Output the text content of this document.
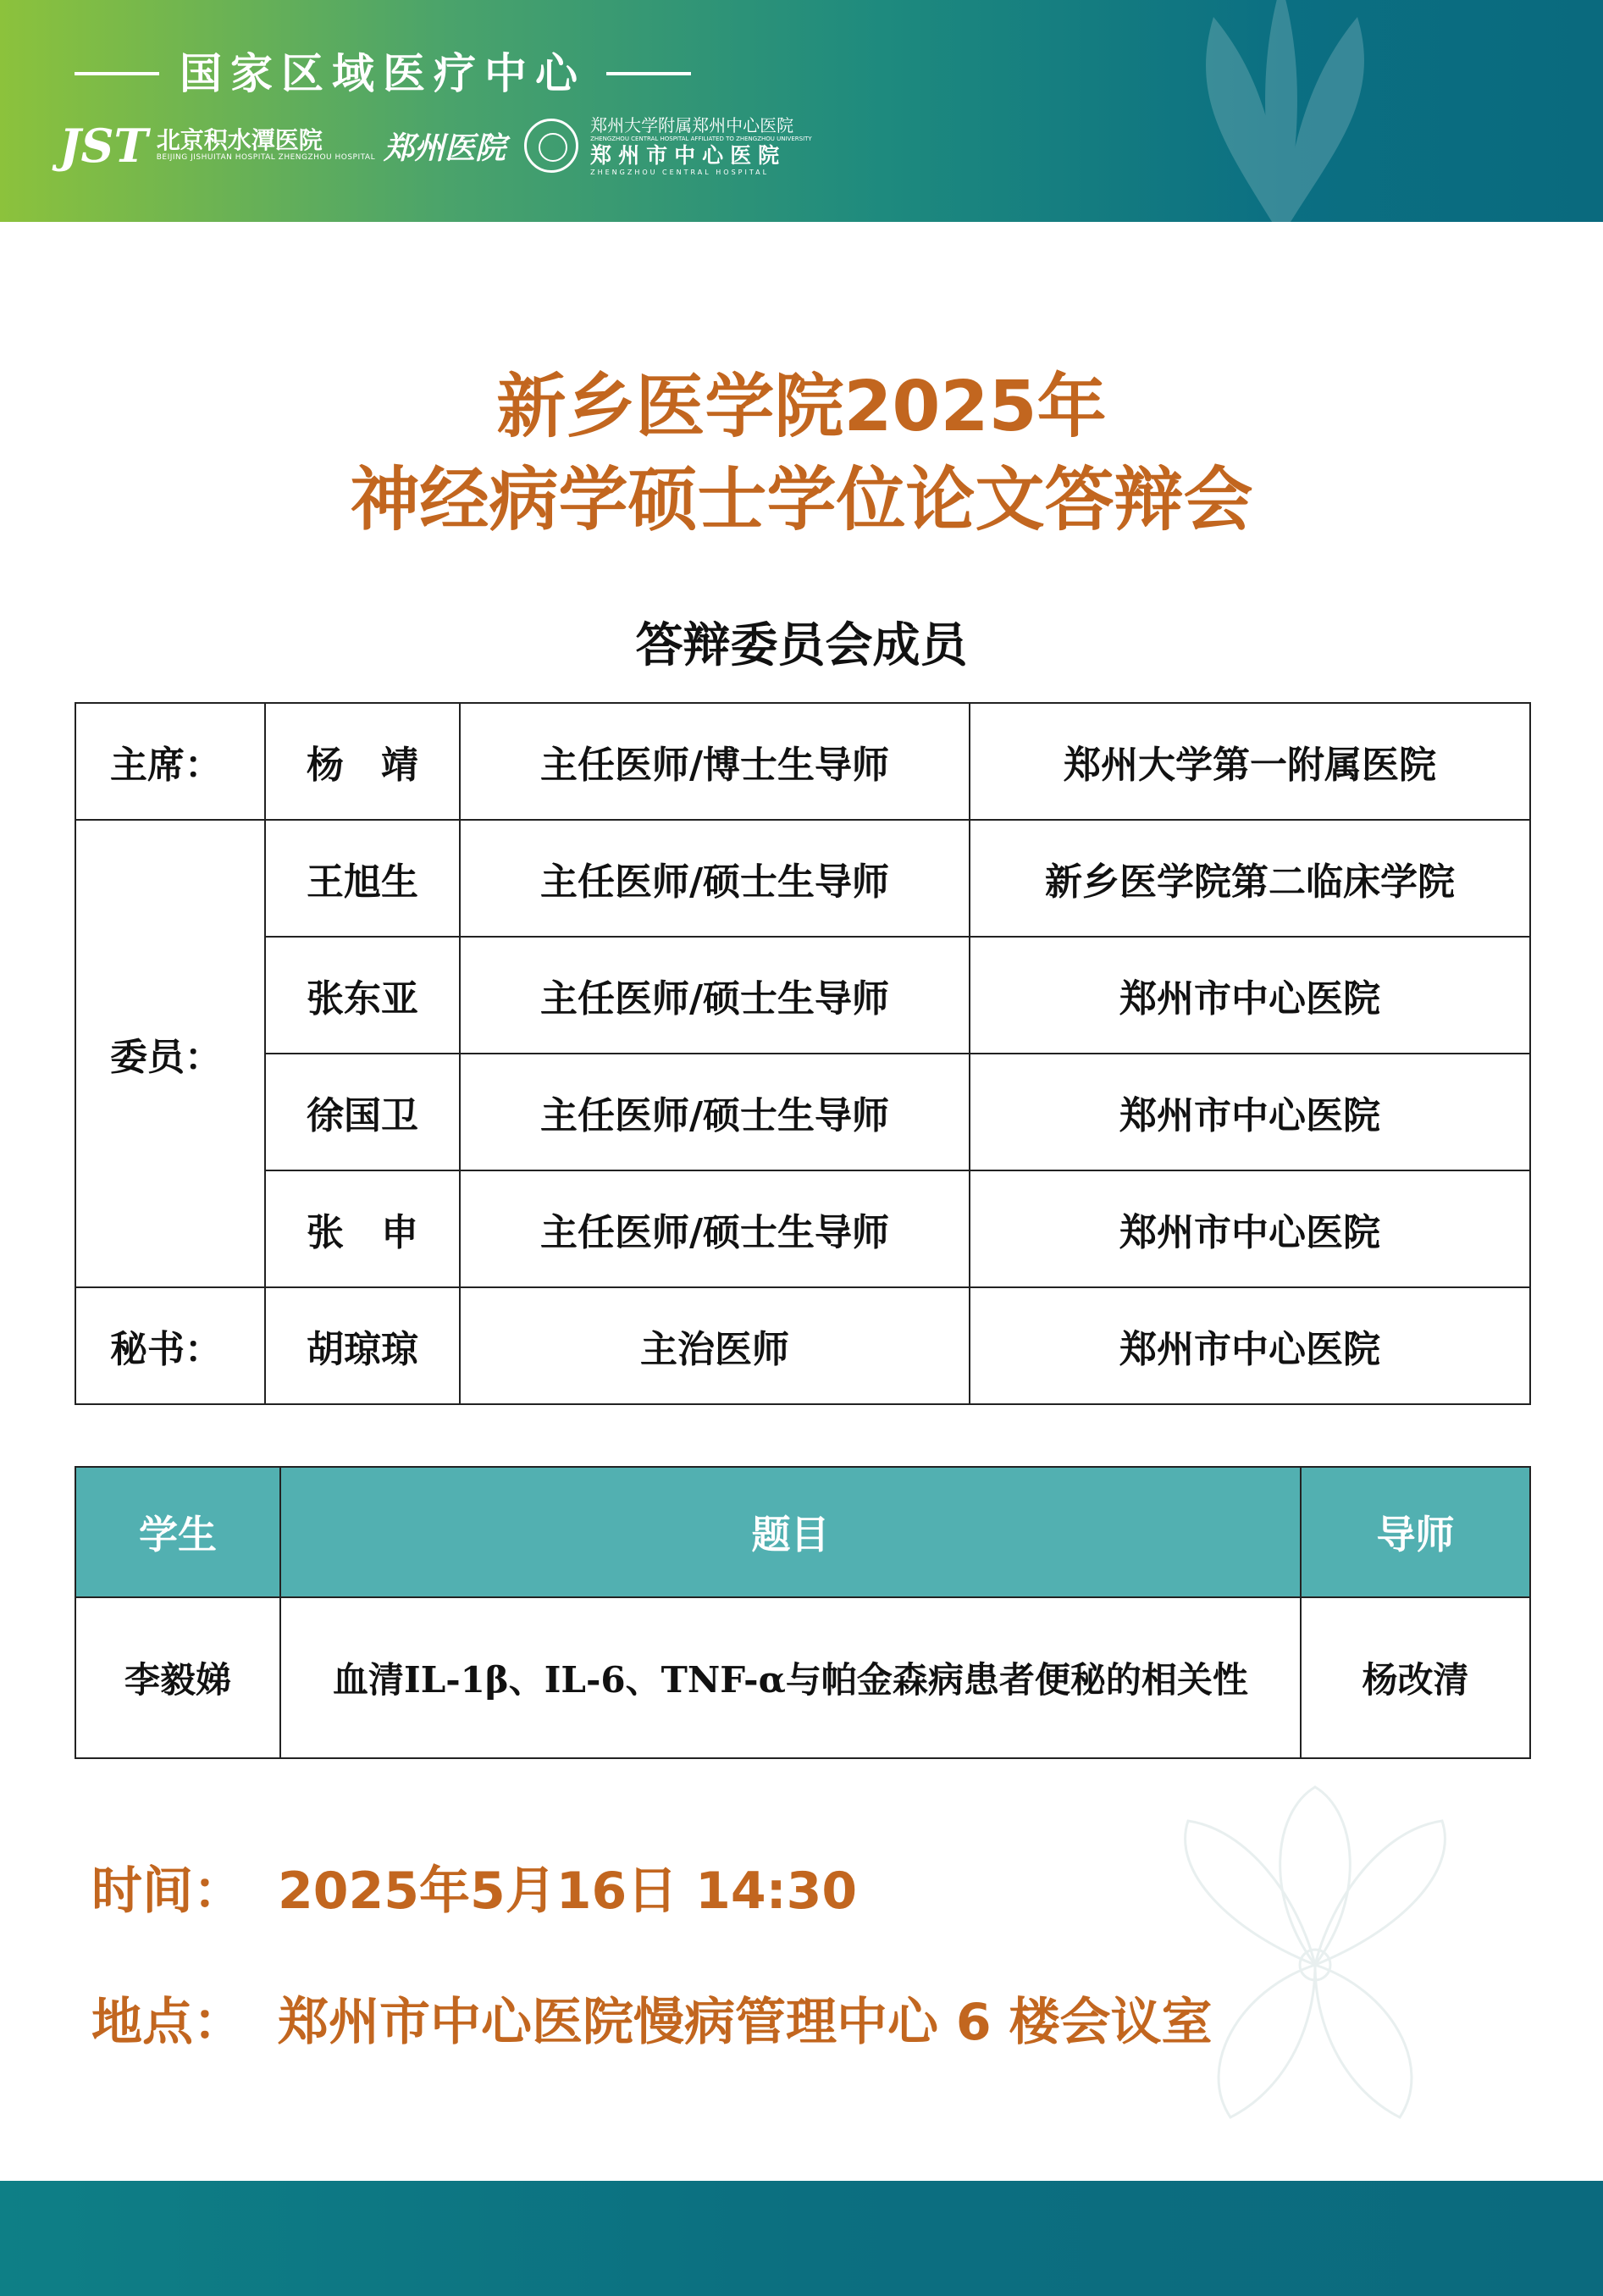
国家区域医疗中心
JST 北京积水潭医院
BEIJING JISHUITAN HOSPITAL ZHENGZHOU HOSPITAL 郑州医院
郑州大学附属郑州中心医院
ZHENGZHOU CENTRAL HOSPITAL AFFILIATED TO ZHENGZHOU UNIVERSITY
郑州市中心医院
ZHENGZHOU CENTRAL HOSPITAL
新乡医学院2025年
神经病学硕士学位论文答辩会
答辩委员会成员
主席：	杨　靖	主任医师/博士生导师	郑州大学第一附属医院
委员：	王旭生	主任医师/硕士生导师	新乡医学院第二临床学院
	张东亚	主任医师/硕士生导师	郑州市中心医院
	徐国卫	主任医师/硕士生导师	郑州市中心医院
	张　申	主任医师/硕士生导师	郑州市中心医院
秘书：	胡琼琼	主治医师	郑州市中心医院
学生	题目	导师
李毅娣	血清IL-1β、IL-6、TNF-α与帕金森病患者便秘的相关性	杨改清
时间： 2025年5月16日 14:30
地点： 郑州市中心医院慢病管理中心 6 楼会议室
